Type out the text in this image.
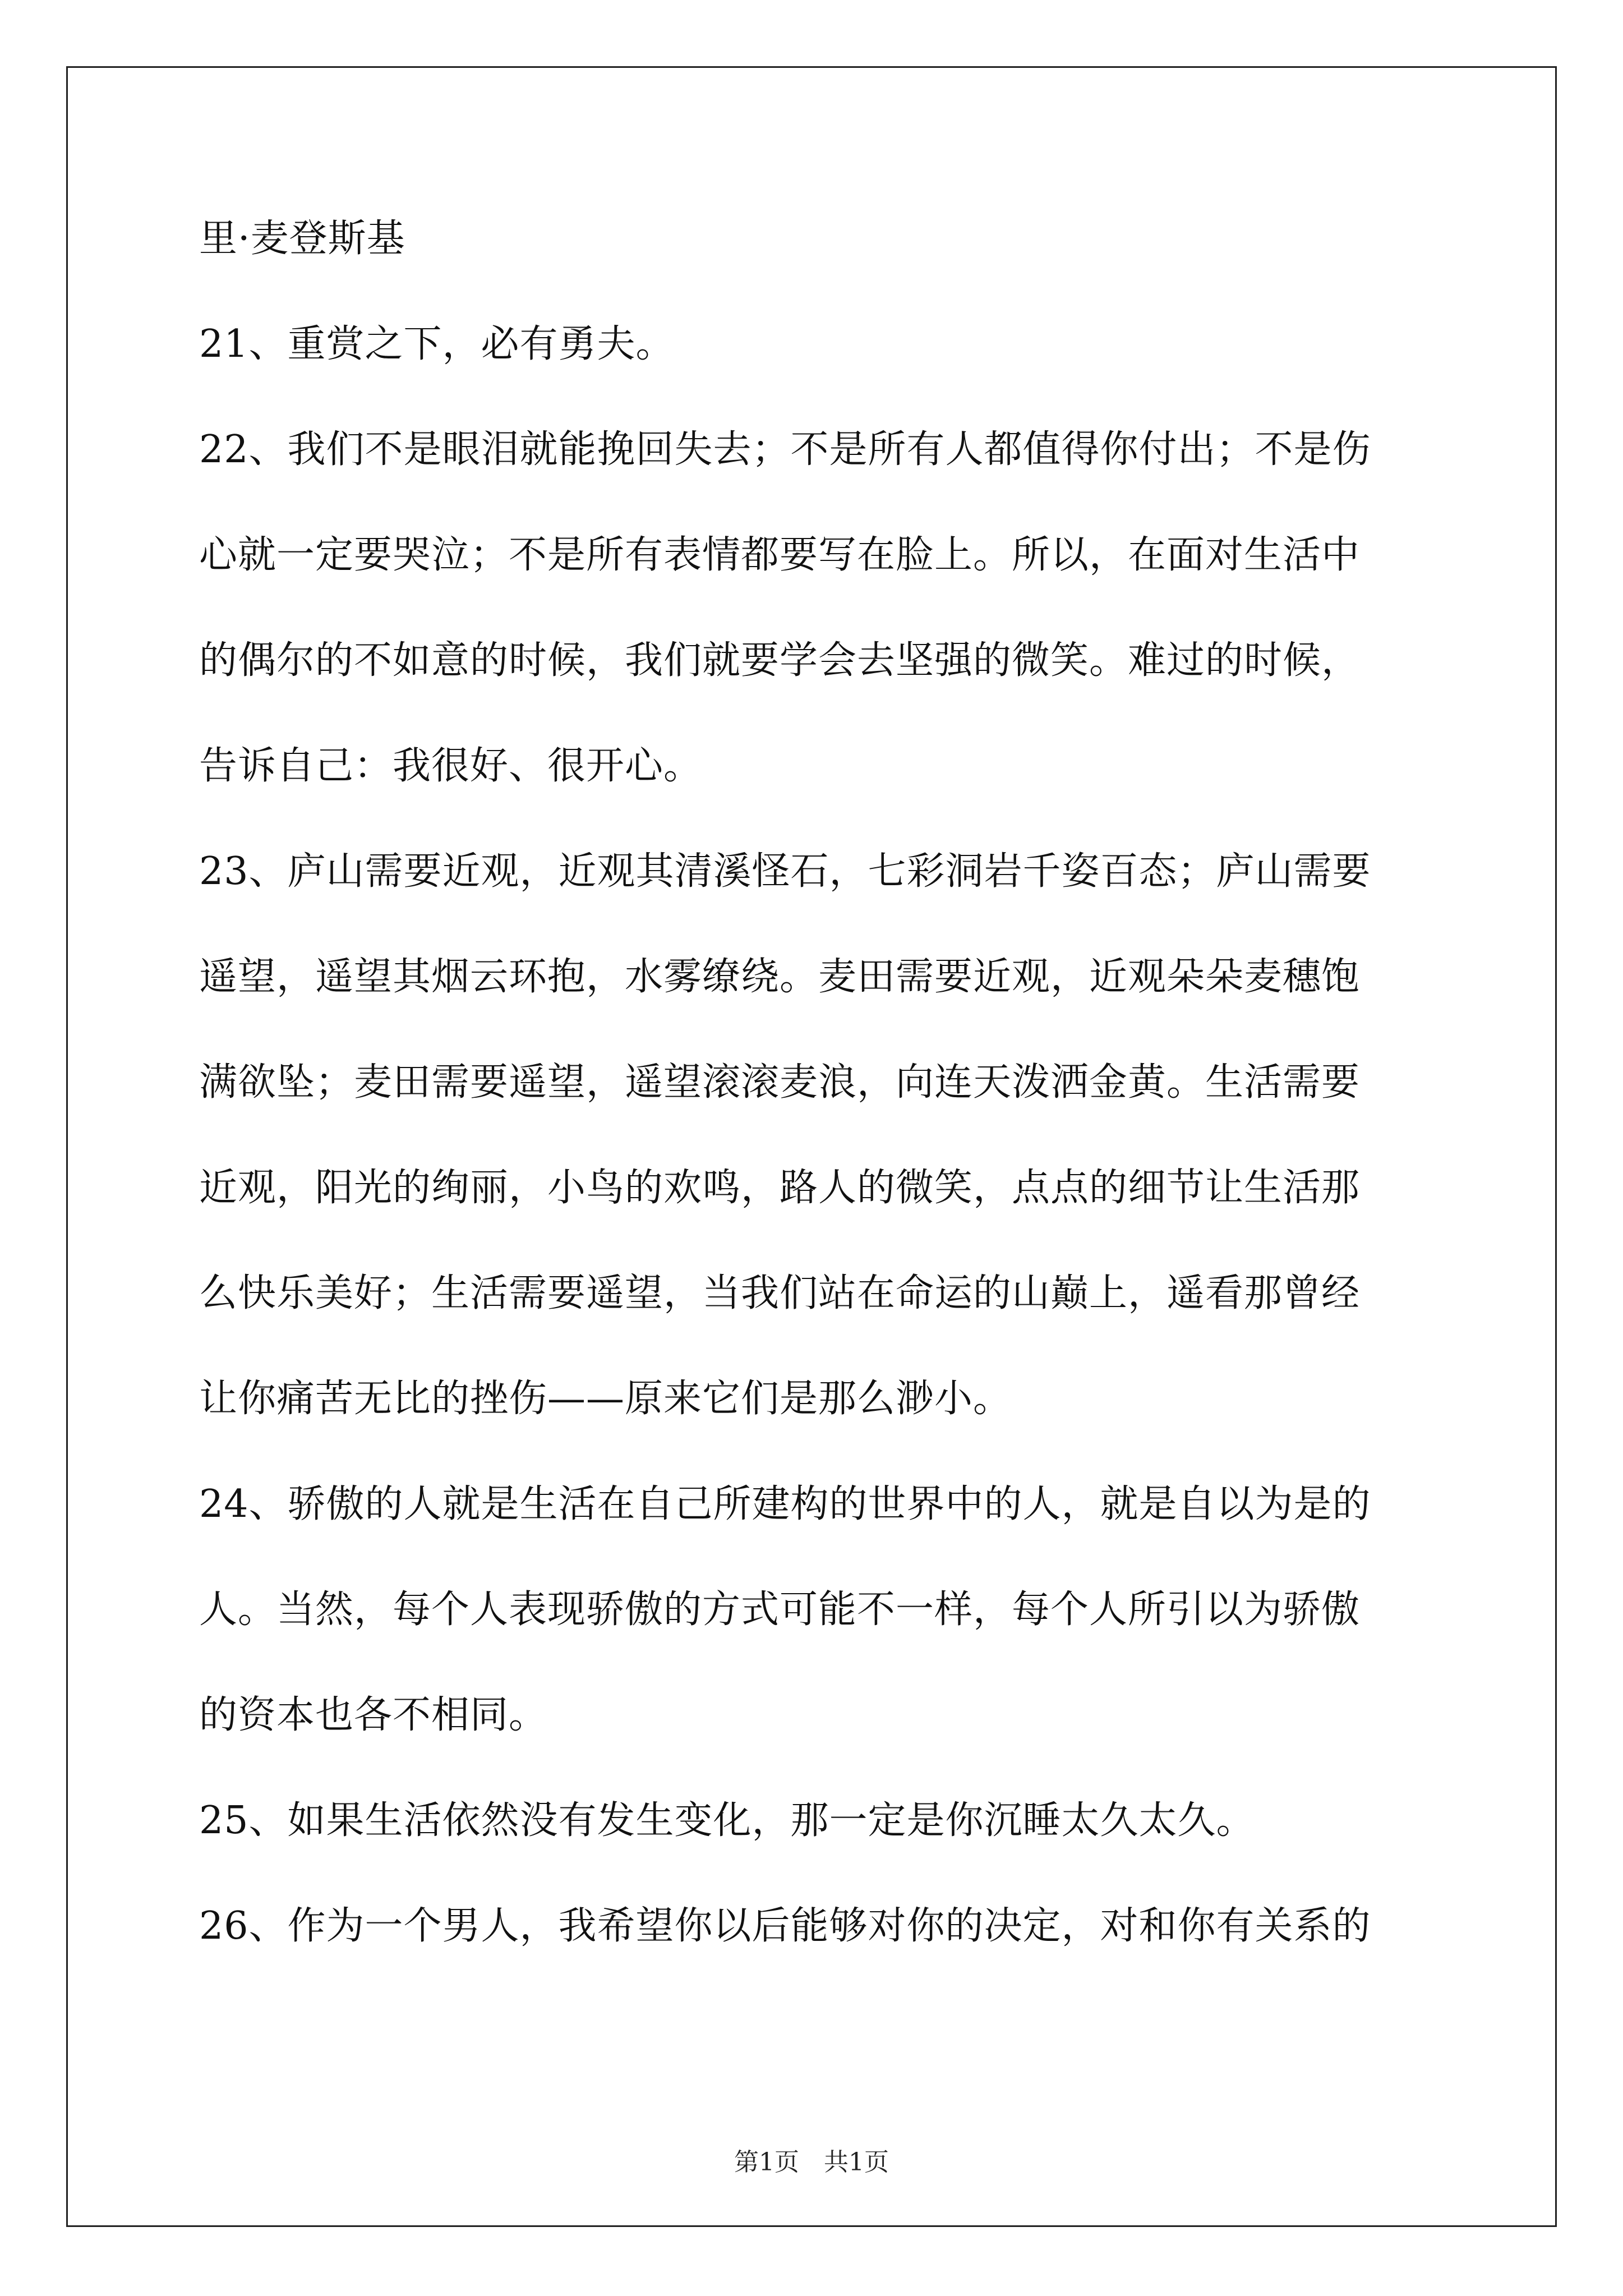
里·麦登斯基

21、重赏之下，必有勇夫。

22、我们不是眼泪就能挽回失去；不是所有人都值得你付出；不是伤

心就一定要哭泣；不是所有表情都要写在脸上。所以，在面对生活中

的偶尔的不如意的时候，我们就要学会去坚强的微笑。难过的时候，

告诉自己：我很好、很开心。

23、庐山需要近观，近观其清溪怪石，七彩洞岩千姿百态；庐山需要

遥望，遥望其烟云环抱，水雾缭绕。麦田需要近观，近观朵朵麦穗饱

满欲坠；麦田需要遥望，遥望滚滚麦浪，向连天泼洒金黄。生活需要

近观，阳光的绚丽，小鸟的欢鸣，路人的微笑，点点的细节让生活那

么快乐美好；生活需要遥望，当我们站在命运的山巅上，遥看那曾经

让你痛苦无比的挫伤——原来它们是那么渺小。

24、骄傲的人就是生活在自己所建构的世界中的人，就是自以为是的

人。当然，每个人表现骄傲的方式可能不一样，每个人所引以为骄傲

的资本也各不相同。

25、如果生活依然没有发生变化，那一定是你沉睡太久太久。

26、作为一个男人，我希望你以后能够对你的决定，对和你有关系的

第1页　共1页
